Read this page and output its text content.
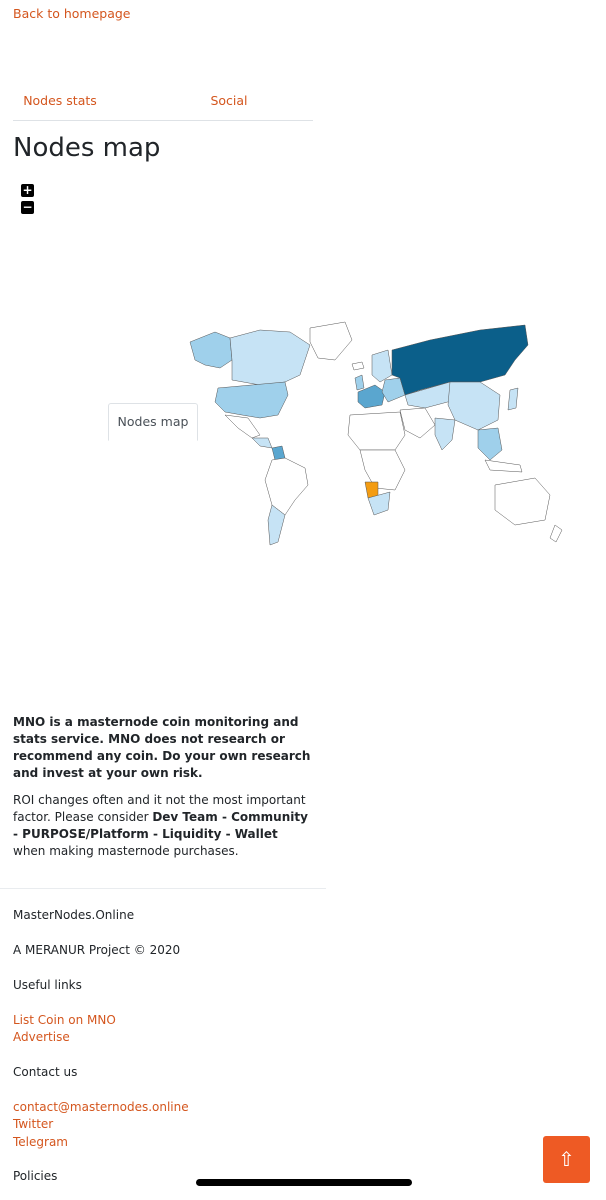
Back to homepage
Nodes stats
Nodes map
Social
Nodes map
+
−

MNO is a masternode coin monitoring and stats service. MNO does not research or recommend any coin. Do your own research and invest at your own risk.

ROI changes often and it not the most important factor. Please consider Dev Team - Community - PURPOSE/Platform - Liquidity - Wallet when making masternode purchases.

MasterNodes.Online
A MERANUR Project © 2020
Useful links
List Coin on MNO
Advertise
Contact us
contact@masternodes.online
Twitter
Telegram
Policies
⇧
